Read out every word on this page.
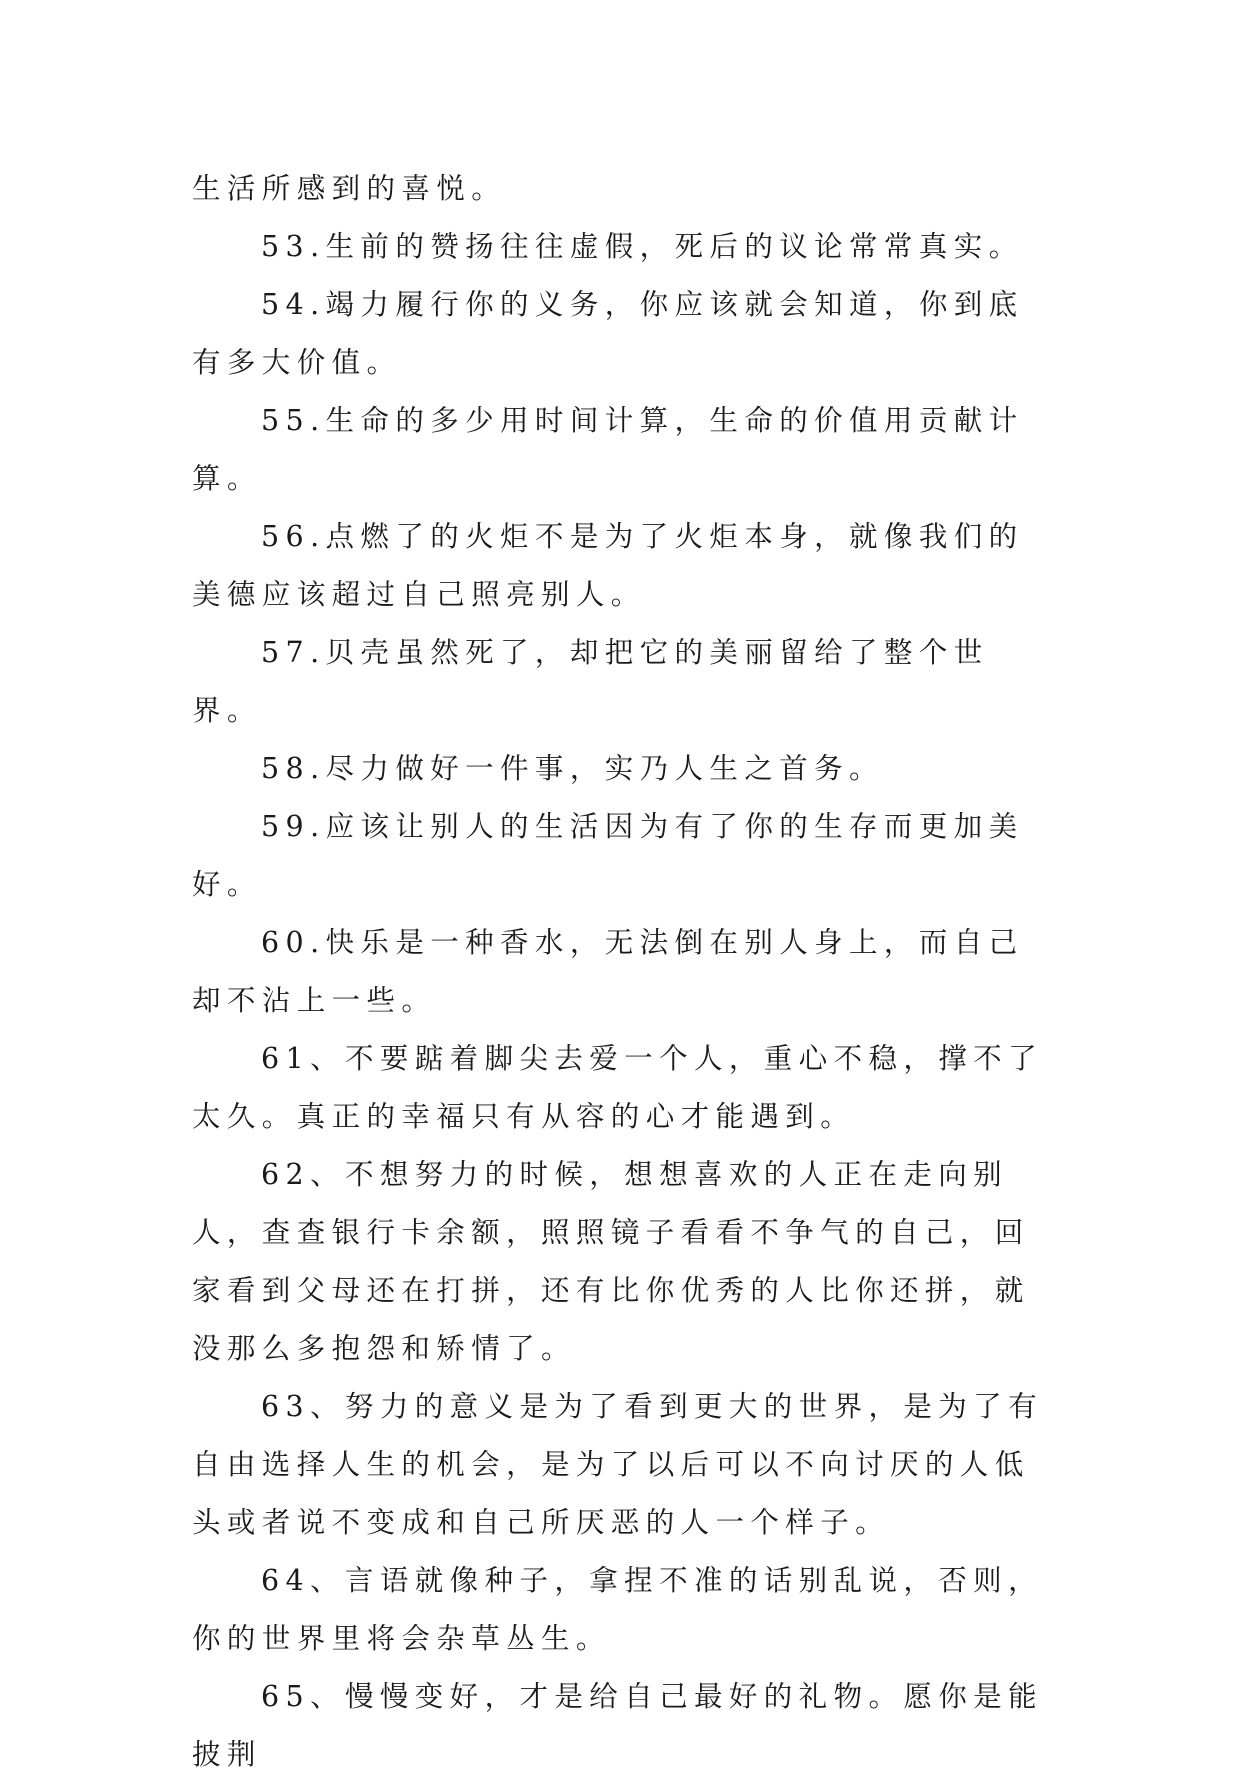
生活所感到的喜悦。

53.生前的赞扬往往虚假，死后的议论常常真实。

54.竭力履行你的义务，你应该就会知道，你到底有多大价值。

55.生命的多少用时间计算，生命的价值用贡献计算。

56.点燃了的火炬不是为了火炬本身，就像我们的美德应该超过自己照亮别人。

57.贝壳虽然死了，却把它的美丽留给了整个世界。

58.尽力做好一件事，实乃人生之首务。

59.应该让别人的生活因为有了你的生存而更加美好。

60.快乐是一种香水，无法倒在别人身上，而自己却不沾上一些。

61、不要踮着脚尖去爱一个人，重心不稳，撑不了太久。真正的幸福只有从容的心才能遇到。

62、不想努力的时候，想想喜欢的人正在走向别人，查查银行卡余额，照照镜子看看不争气的自己，回家看到父母还在打拼，还有比你优秀的人比你还拼，就没那么多抱怨和矫情了。

63、努力的意义是为了看到更大的世界，是为了有自由选择人生的机会，是为了以后可以不向讨厌的人低头或者说不变成和自己所厌恶的人一个样子。

64、言语就像种子，拿捏不准的话别乱说，否则，你的世界里将会杂草丛生。

65、慢慢变好，才是给自己最好的礼物。愿你是能披荆
